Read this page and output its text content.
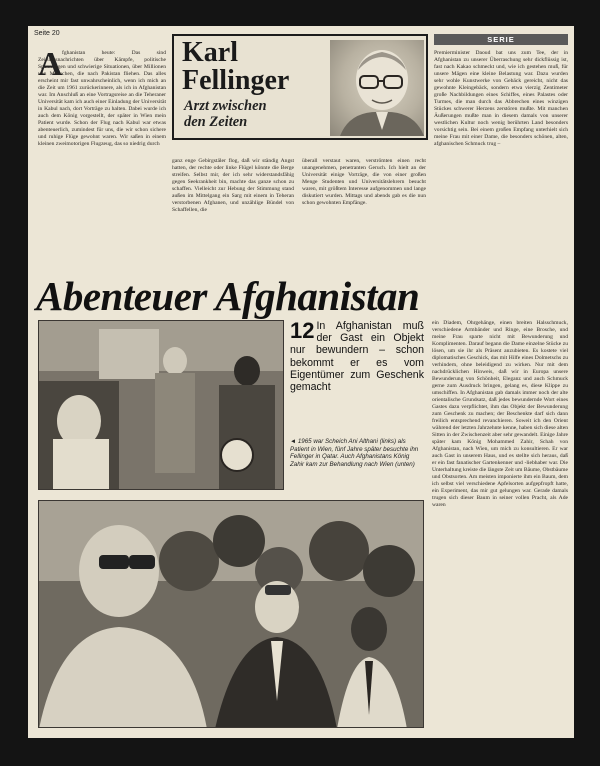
Seite 20
A fghanistan heute: Das sind Zeitungsnachrichten über Kämpfe, politische Spannungen und schwierige Situationen, über Millionen von Menschen, die nach Pakistan fliehen. Das alles erscheint mir fast unwahrscheinlich, wenn ich mich an die Zeit um 1961 zurückerinnere, als ich in Afghanistan war. Im Anschluß an eine Vortragsreise an die Teheraner Universität kam ich auch einer Einladung der Universität in Kabul nach, dort Vorträge zu halten. Dabei wurde ich auch dem König vorgestellt, der später in Wien mein Patient wurde. Schon der Flug nach Kabul war etwas abenteuerlich, zumindest für uns, die wir schon sichere und ruhige Flüge gewohnt waren. Wir saßen in einem kleinen zweimotorigen Flugzeug, das so niedrig durch
Karl
Fellinger
Arzt zwischen
den Zeiten
ganz enge Gebirgstäler flog, daß wir ständig Angst hatten, der rechte oder linke Flügel könnte die Berge streifen. Selbst mir, der ich sehr widerstandsfähig gegen Seekrankheit bin, machte das ganze schon zu schaffen. Vielleicht zur Hebung der Stimmung stand außen im Mittelgang ein Sarg mit einem in Teheran verstorbenen Afghanen, und unzählige Bündel von Schaffellen, die
überall verstaut waren, verströmten einen recht unangenehmen, penetranten Geruch. Ich hielt an der Universität einige Vorträge, die von einer großen Menge Studenten und Universitätslehrern besucht waren, mit größtem Interesse aufgenommen und lange diskutiert wurden. Mittags und abends gab es die nun schon gewohnten Empfänge.
SERIE
Premierminister Daoud bat uns zum Tee, der in Afghanistan zu unserer Überraschung sehr dickflüssig ist, fast nach Kakao schmeckt und, wie ich gestehen muß, für unsere Mägen eine kleine Belastung war. Dazu wurden sehr wohle Kunstwerke von Gebäck gereicht, nicht das gewohnte Kleingebäck, sondern etwa vierzig Zentimeter große Nachbildungen eines Schiffes, eines Palastes oder Turmes, die man durch das Abbrechen eines winzigen Stückes schwerer Herzens zerstören mußte. Mit manchen Äußerungen mußte man in diesem damals von unserer westlichen Kultur noch wenig berührten Land besonders vorsichtig sein. Bei einem großen Empfang unterhielt sich meine Frau mit einer Dame, die besonders schönen, alten, afghanischen Schmuck trug –
Abenteuer Afghanistan
12 In Afghanistan muß der Gast ein Objekt nur bewundern – schon bekommt er es vom Eigentümer zum Geschenk gemacht
◄ 1965 war Scheich Ani Althani (links) als Patient in Wien, fünf Jahre später besuchte ihn Fellinger in Qatar. Auch Afghanistans König Zahir kam zur Behandlung nach Wien (unten)
ein Diadem, Ohrgehänge, einen breiten Halsschmuck, verschiedene Armbänder und Ringe, eine Brosche, und meine Frau sparte nicht mit Bewunderung und Komplimenten. Darauf begann die Dame einzelne Stücke zu lösen, um sie ihr als Präsent anzubieten. Es kostete viel diplomatisches Geschick, das mit Hilfe eines Dolmetschs zu verhindern, ohne beleidigend zu wirken. Nur mit dem nachdrücklichen Hinweis, daß wir in Europa unsere Bewunderung von Schönheit, Eleganz und auch Schmuck gerne zum Ausdruck bringen, gelang es, diese Klippe zu umschiffen. In Afghanistan gab damals immer noch der alte orientalische Grundsatz, daß jedes bewundernde Wort eines Gastes dazu verpflichtet, ihm das Objekt der Bewunderung zum Geschenk zu machen; der Beschenkte darf sich dann freilich entsprechend revanchieren. Soweit ich den Orient während der letzten Jahrzehnte kenne, haben sich diese alten Sitten in der Zwischenzeit aber sehr gewandelt. Einige Jahre später kam König Mohammed Zahir, Schah von Afghanistan, nach Wien, um mich zu konsultieren. Er war auch Gast in unserem Haus, und es stellte sich heraus, daß er ein fast fanatischer Gartenkenner und -liebhaber war. Die Unterhaltung kreiste die längste Zeit um Bäume, Obstbäume und Obstsorten. Am meisten imponierte ihm ein Baum, dem ich selbst viel verschiedene Apfelsorten aufgepfropft hatte, ein Experiment, das mir gut gelungen war. Gerade damals trugen sich dieser Baum in seiner vollen Pracht, als Ade waren
